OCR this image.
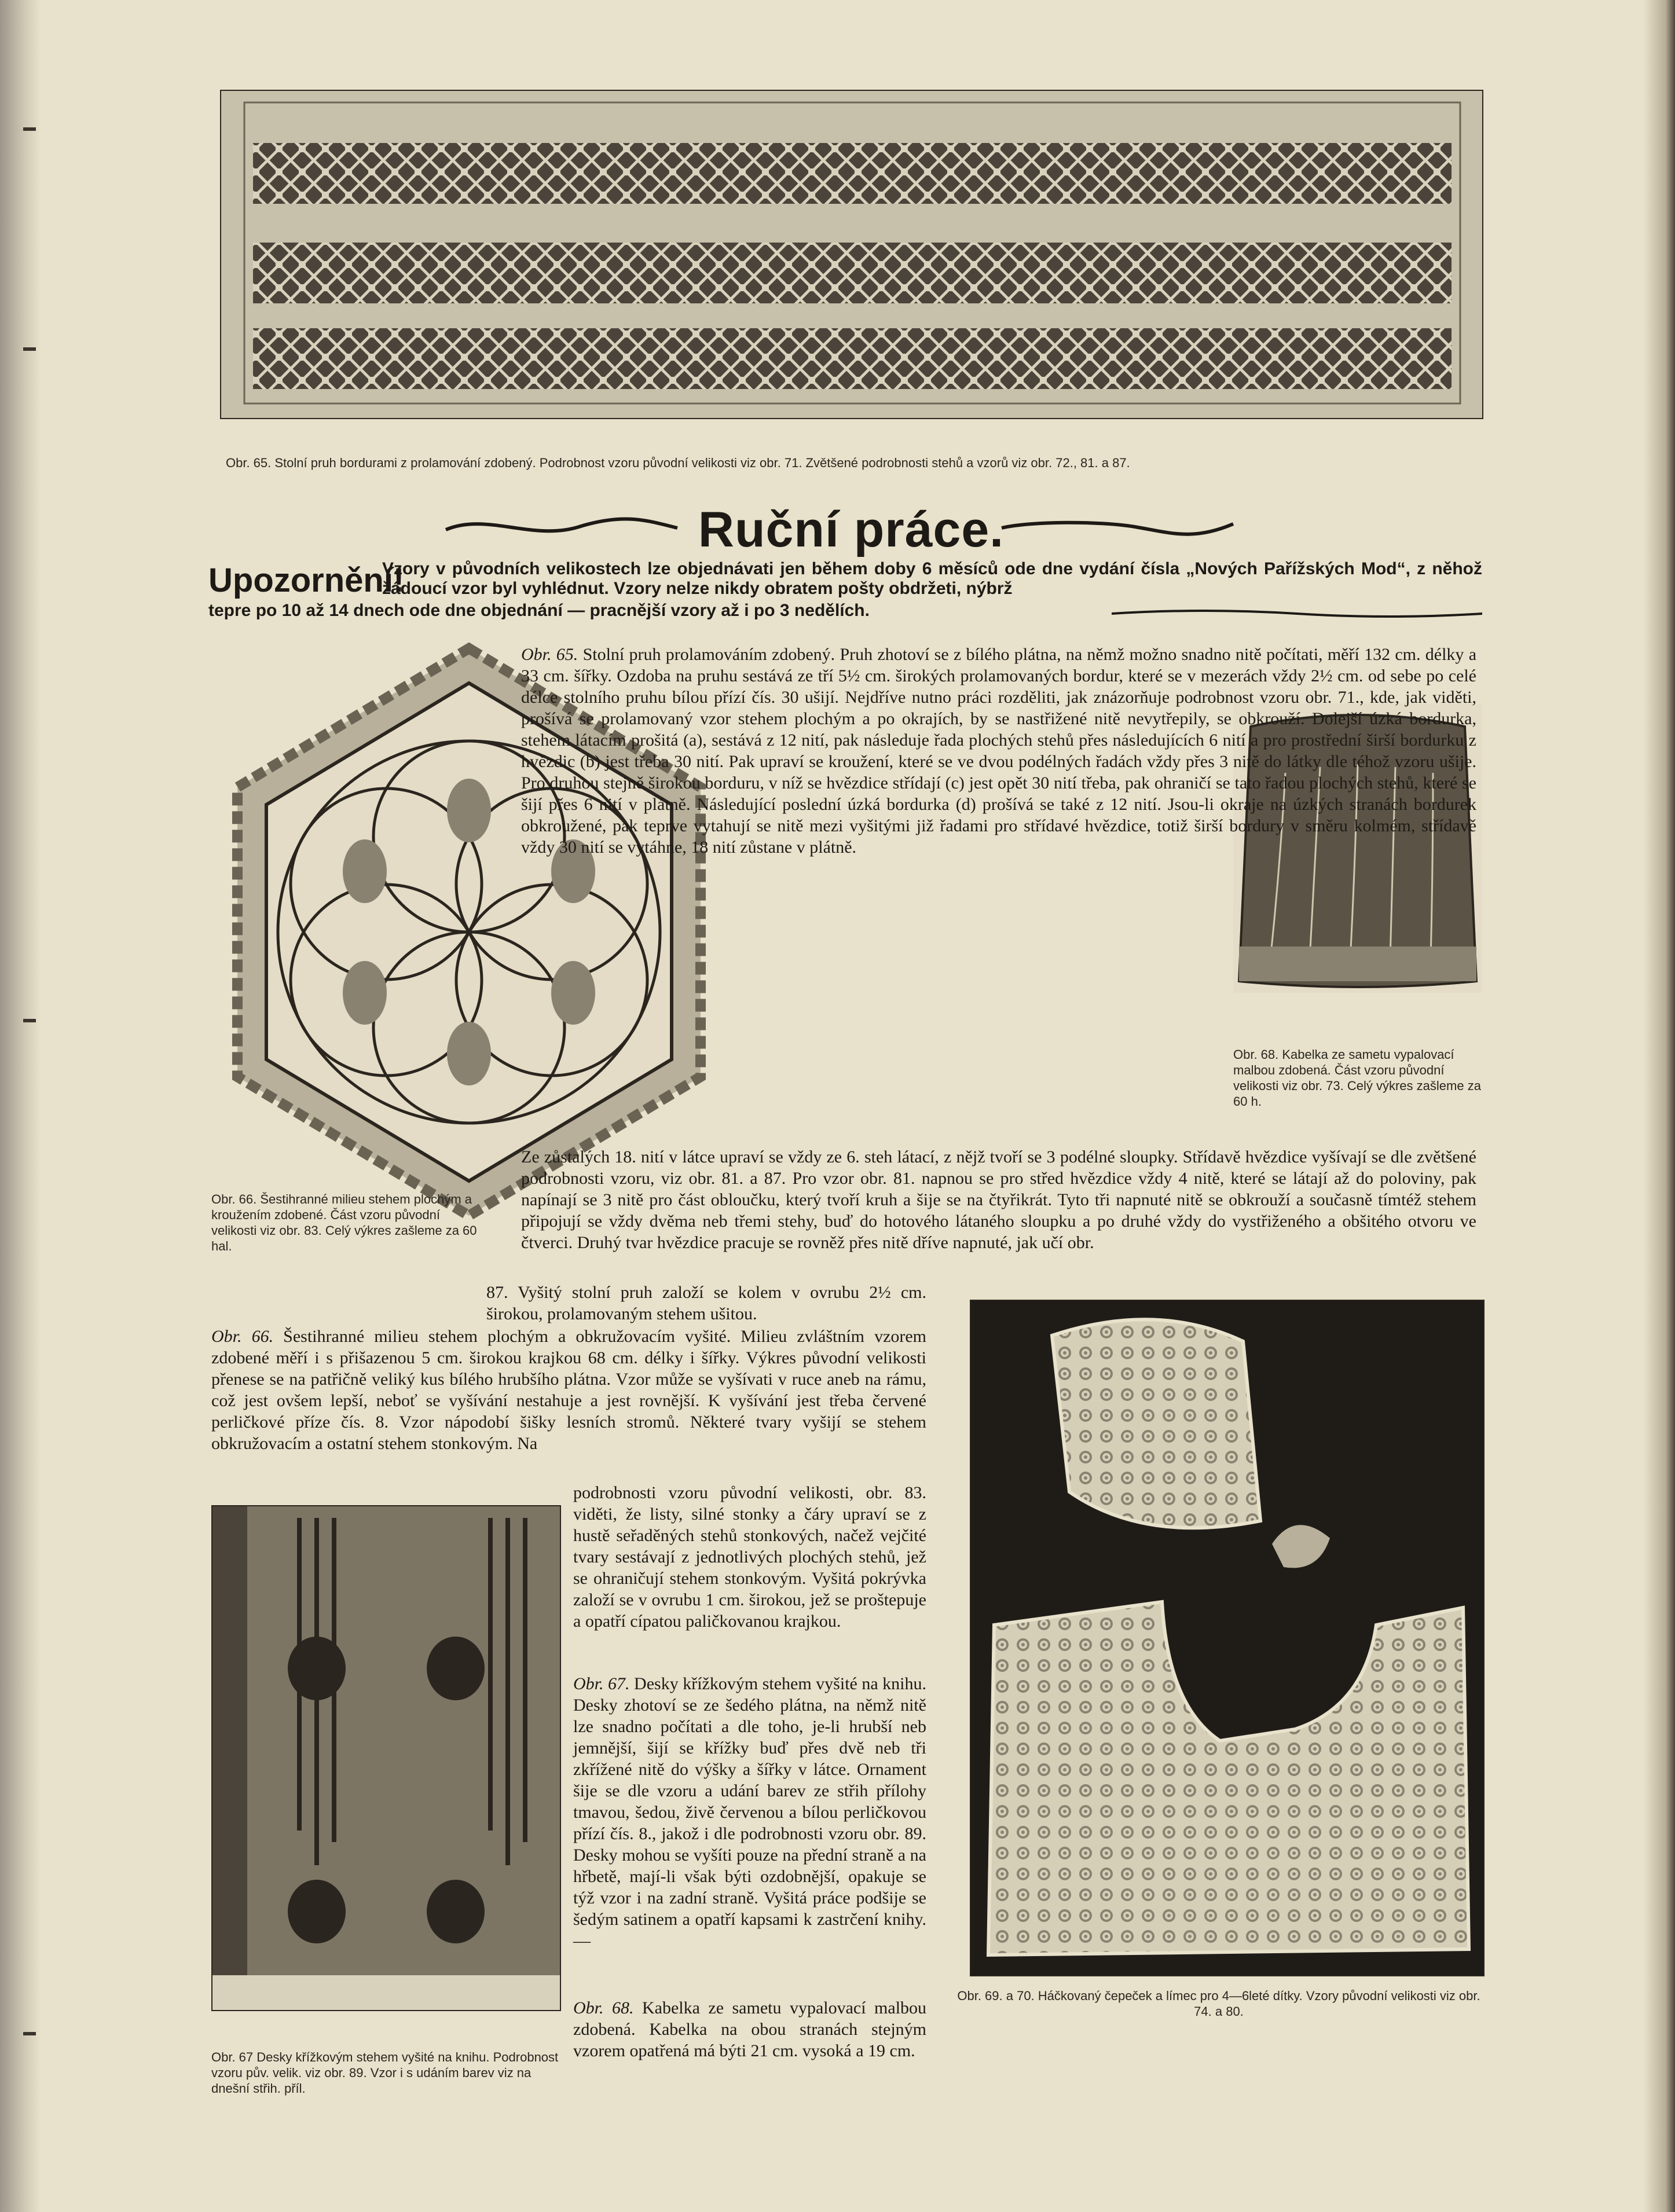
Obr. 65. Stolní pruh bordurami z prolamování zdobený. Podrobnost vzoru původní velikosti viz obr. 71. Zvětšené podrobnosti stehů a vzorů viz obr. 72., 81. a 87.
Ruční práce.
Upozornění!
Vzory v původních velikostech lze objednávati jen během doby 6 měsíců ode dne vydání čísla „Nových Pařížských Mod“, z něhož žádoucí vzor byl vyhlédnut. Vzory nelze nikdy obratem pošty obdržeti, nýbrž
tepre po 10 až 14 dnech ode dne objednání — pracnější vzory až i po 3 nedělích.
Obr. 66. Šestihranné milieu stehem plochým a kroužením zdobené. Část vzoru původní velikosti viz obr. 83. Celý výkres zašleme za 60 hal.
Obr. 68. Kabelka ze sametu vypalovací malbou zdobená. Část vzoru původní velikosti viz obr. 73. Celý výkres zašleme za 60 h.

Obr. 65. Stolní pruh prolamováním zdobený. Pruh zhotoví se z bílého plátna, na němž možno snadno nitě počítati, měří 132 cm. délky a 33 cm. šířky. Ozdoba na pruhu sestává ze tří 5½ cm. širokých prolamovaných bordur, které se v mezerách vždy 2½ cm. od sebe po celé délce stolního pruhu bílou přízí čís. 30 ušijí. Nejdříve nutno práci rozděliti, jak znázorňuje podrobnost vzoru obr. 71., kde, jak viděti, prošívá se prolamovaný vzor stehem plochým a po okrajích, by se nastřižené nitě nevytřepily, se obkrouží. Dolejší úzká bordurka, stehem látacím prošitá (a), sestává z 12 nití, pak následuje řada plochých stehů přes následujících 6 nití a pro prostřední širší bordurku z hvězdic (b) jest třeba 30 nití. Pak upraví se kroužení, které se ve dvou podélných řadách vždy přes 3 nitě do látky dle téhož vzoru ušije. Pro druhou stejně širokou borduru, v níž se hvězdice střídají (c) jest opět 30 nití třeba, pak ohraničí se tato řadou plochých stehů, které se šijí přes 6 nití v plátně. Následující poslední úzká bordurka (d) prošívá se také z 12 nití. Jsou-li okraje na úzkých stranách bordurek obkroužené, pak teprve vytahují se nitě mezi vyšitými již řadami pro střídavé hvězdice, totiž širší bordury v směru kolmém, střídavě vždy 30 nití se vytáhne, 18 nití zůstane v plátně.

Ze zůstalých 18. nití v látce upraví se vždy ze 6. steh látací, z nějž tvoří se 3 podélné sloupky. Střídavě hvězdice vyšívají se dle zvětšené podrobnosti vzoru, viz obr. 81. a 87. Pro vzor obr. 81. napnou se pro střed hvězdice vždy 4 nitě, které se látají až do poloviny, pak napínají se 3 nitě pro část obloučku, který tvoří kruh a šije se na čtyřikrát. Tyto tři napnuté nitě se obkrouží a současně tímtéž stehem připojují se vždy dvěma neb třemi stehy, buď do hotového látaného sloupku a po druhé vždy do vystřiženého a obšitého otvoru ve čtverci. Druhý tvar hvězdice pracuje se rovněž přes nitě dříve napnuté, jak učí obr.
87. Vyšitý stolní pruh založí se kolem v ovrubu 2½ cm. širokou, prolamovaným stehem ušitou.

Obr. 66. Šestihranné milieu stehem plochým a obkružovacím vyšité. Milieu zvláštním vzorem zdobené měří i s přišazenou 5 cm. širokou krajkou 68 cm. délky i šířky. Výkres původní velikosti přenese se na patřičně veliký kus bílého hrubšího plátna. Vzor může se vyšívati v ruce aneb na rámu, což jest ovšem lepší, neboť se vyšívání nestahuje a jest rovnější. K vyšívání jest třeba červené perličkové příze čís. 8. Vzor nápodobí šišky lesních stromů. Některé tvary vyšijí se stehem obkružovacím a ostatní stehem stonkovým. Na

Obr. 67 Desky křížkovým stehem vyšité na knihu. Podrobnost vzoru pův. velik. viz obr. 89. Vzor i s udáním barev viz na dnešní střih. příl.
podrobnosti vzoru původní velikosti, obr. 83. viděti, že listy, silné stonky a čáry upraví se z hustě seřaděných stehů stonkových, načež vejčité tvary sestávají z jednotlivých plochých stehů, jež se ohraničují stehem stonkovým. Vyšitá pokrývka založí se v ovrubu 1 cm. širokou, jež se proštepuje a opatří cípatou paličkovanou krajkou.

Obr. 67. Desky křížkovým stehem vyšité na knihu. Desky zhotoví se ze šedého plátna, na němž nitě lze snadno počítati a dle toho, je-li hrubší neb jemnější, šijí se křížky buď přes dvě neb tři zkřížené nitě do výšky a šířky v látce. Ornament šije se dle vzoru a udání barev ze střih přílohy tmavou, šedou, živě červenou a bílou perličkovou přízí čís. 8., jakož i dle podrobnosti vzoru obr. 89. Desky mohou se vyšíti pouze na přední straně a na hřbetě, mají-li však býti ozdobnější, opakuje se týž vzor i na zadní straně. Vyšitá práce podšije se šedým satinem a opatří kapsami k zastrčení knihy. —

Obr. 68. Kabelka ze sametu vypalovací malbou zdobená. Kabelka na obou stranách stejným vzorem opatřená má býti 21 cm. vysoká a 19 cm.

Obr. 69. a 70. Háčkovaný čepeček a límec pro 4—6leté dítky. Vzory původní velikosti viz obr. 74. a 80.
